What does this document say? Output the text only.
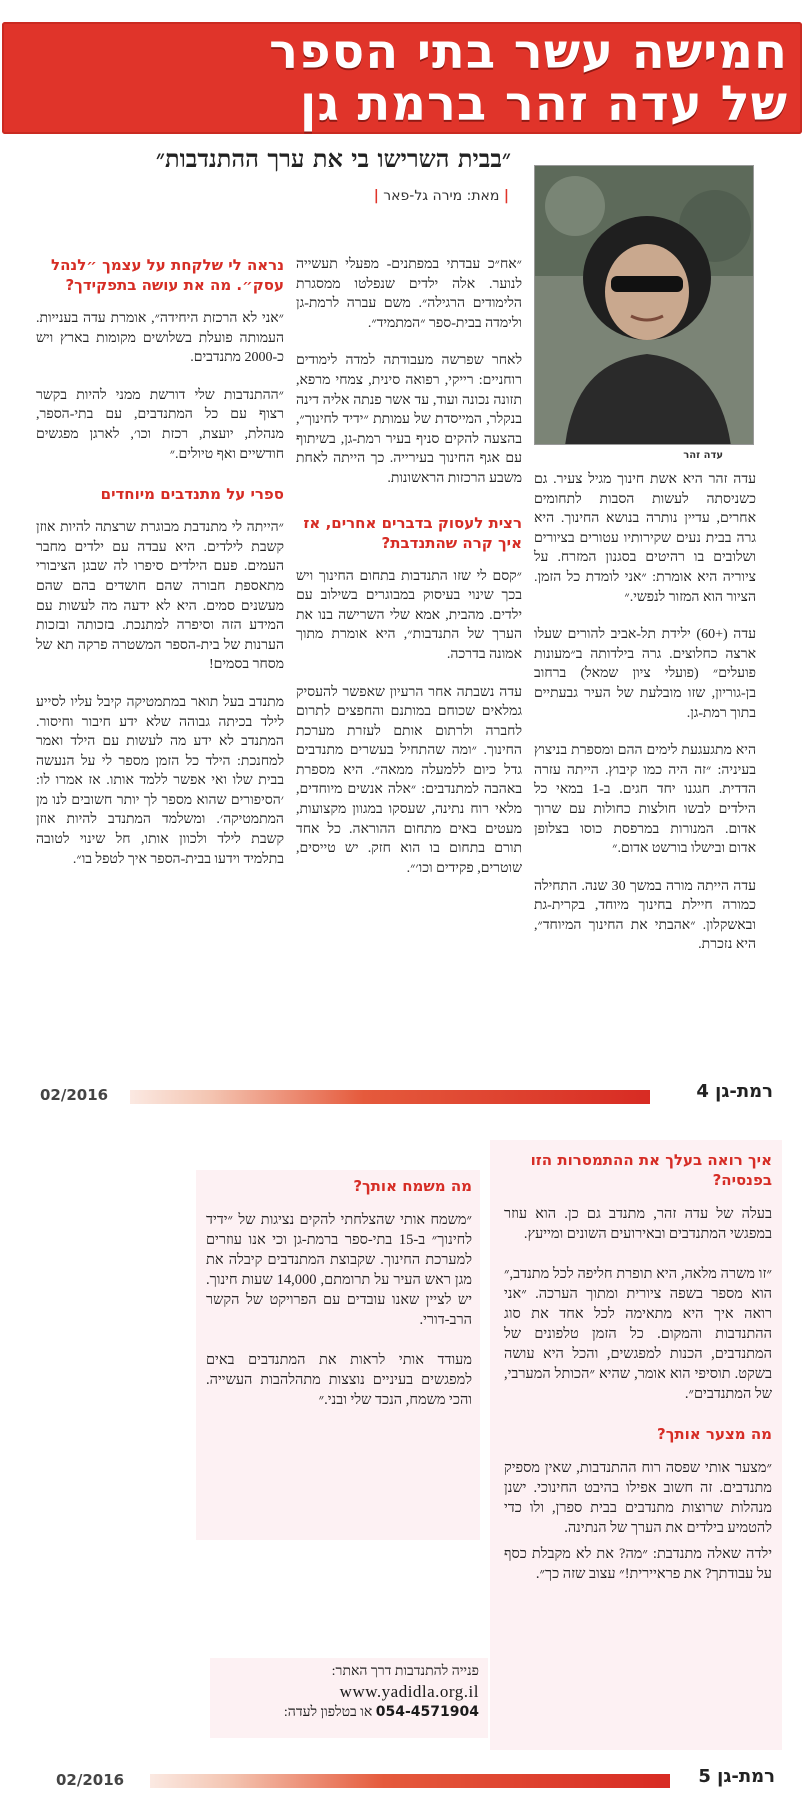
חמישה עשר בתי הספר
של עדה זהר ברמת גן
״בבית השרישו בי את ערך ההתנדבות״
| מאת: מירה גל-פאר |
עדה זהר

עדה זהר היא אשת חינוך מגיל צעיר. גם כשניסתה לעשות הסבות לתחומים אחרים, עדיין נותרה בנושא החינוך. היא גרה בבית נעים שקירותיו עטורים בציורים ושלובים בו רהיטים בסגנון המזרח. על ציוריה היא אומרת: ״אני לומדת כל הזמן. הציור הוא המזור לנפשי.״

עדה (+60) ילידת תל-אביב להורים שעלו ארצה כחלוצים. גרה בילדותה ב״מעונות פועלים״ (פועלי ציון שמאל) ברחוב בן-גוריון, שזו מובלעת של העיר גבעתיים בתוך רמת-גן.

היא מתגעגעת לימים ההם ומספרת בניצוץ בעיניה: ״זה היה כמו קיבוץ. הייתה עזרה הדדית. חגגנו יחד חגים. ב-1 במאי כל הילדים לבשו חולצות כחולות עם שרוך אדום. המנורות במרפסת כוסו בצלופן אדום ובישלו בורשט אדום.״

עדה הייתה מורה במשך 30 שנה. התחילה כמורה חיילת בחינוך מיוחד, בקרית-גת ובאשקלון. ״אהבתי את החינוך המיוחד״, היא נזכרת.

״אח״כ עבדתי במפתנים- מפעלי תעשייה לנוער. אלה ילדים שנפלטו ממסגרת הלימודים הרגילה״. משם עברה לרמת-גן ולימדה בבית-ספר ״המתמיד״.

לאחר שפרשה מעבודתה למדה לימודים רוחניים: רייקי, רפואה סינית, צמחי מרפא, תזונה נכונה ועוד, עד אשר פנתה אליה דינה בנקלר, המייסדת של עמותת ״ידיד לחינוך״, בהצעה להקים סניף בעיר רמת-גן, בשיתוף עם אגף החינוך בעירייה. כך הייתה לאחת משבע הרכזות הראשונות.

רצית לעסוק בדברים אחרים, אז איך קרה שהתנדבת?

״קסם לי שזו התנדבות בתחום החינוך ויש בכך שינוי בעיסוק במבוגרים בשילוב עם ילדים. מהבית, אמא שלי השרישה בנו את הערך של התנדבות״, היא אומרת מתוך אמונה בדרכה.

עדה נשבתה אחר הרעיון שאפשר להעסיק גמלאים שכוחם במותנם והחפצים לתרום לחברה ולרתום אותם לעזרת מערכת החינוך. ״ומה שהתחיל בעשרים מתנדבים גדל כיום ללמעלה ממאה״. היא מספרת באהבה למתנדבים: ״אלה אנשים מיוחדים, מלאי רוח נתינה, שעסקו במגוון מקצועות, מעטים באים מתחום ההוראה. כל אחד תורם בתחום בו הוא חזק. יש טייסים, שוטרים, פקידים וכו׳״.

נראה לי שלקחת על עצמך ״לנהל עסק״. מה את עושה בתפקידך?

״אני לא הרכזת היחידה״, אומרת עדה בענייות. העמותה פועלת בשלושים מקומות בארץ ויש כ-2000 מתנדבים.

״ההתנדבות שלי דורשת ממני להיות בקשר רצוף עם כל המתנדבים, עם בתי-הספר, מנהלת, יועצת, רכזת וכו׳, לארגן מפגשים חודשיים ואף טיולים.״

ספרי על מתנדבים מיוחדים

״הייתה לי מתנדבת מבוגרת שרצתה להיות אוזן קשבת לילדים. היא עבדה עם ילדים מחבר העמים. פעם הילדים סיפרו לה שבגן הציבורי מתאספת חבורה שהם חושדים בהם שהם מעשנים סמים. היא לא ידעה מה לעשות עם המידע הזה וסיפרה למתנכת. בזכותה ובזכות הערנות של בית-הספר המשטרה פרקה תא של מסחר בסמים!

מתנדב בעל תואר במתמטיקה קיבל עליו לסייע לילד בכיתה גבוהה שלא ידע חיבור וחיסור. המתנדב לא ידע מה לעשות עם הילד ואמר למחנכת: הילד כל הזמן מספר לי על הנעשה בבית שלו ואי אפשר ללמד אותו. אז אמרו לו: ׳הסיפורים שהוא מספר לך יותר חשובים לנו מן המתמטיקה׳. ומשלמד המתנדב להיות אוזן קשבת לילד ולכוון אותו, חל שינוי לטובה בתלמיד וידעו בבית-הספר איך לטפל בו״.

רמת-גן 4
02/2016
איך רואה בעלך את ההתמסרות הזו בפנסיה?

בעלה של עדה זהר, מתנדב גם כן. הוא עוזר במפגשי המתנדבים ובאירועים השונים ומייעץ.

״זו משרה מלאה, היא תופרת חליפה לכל מתנדב,״ הוא מספר בשפה ציורית ומתוך הערכה. ״אני רואה איך היא מתאימה לכל אחד את סוג ההתנדבות והמקום. כל הזמן טלפונים של המתנדבים, הכנות למפגשים, והכל היא עושה בשקט. תוסיפי הוא אומר, שהיא ״הכותל המערבי, של המתנדבים״.

מה מצער אותך?

״מצער אותי שפסה רוח ההתנדבות, שאין מספיק מתנדבים. זה חשוב אפילו בהיבט החינוכי. ישנן מנהלות שרוצות מתנדבים בבית ספרן, ולו כדי להטמיע בילדים את הערך של הנתינה.

ילדה שאלה מתנדבת: ״מה? את לא מקבלת כסף על עבודתך? את פראיירית!״ עצוב שזה כך״.

מה משמח אותך?

״משמח אותי שהצלחתי להקים נציגות של ״ידיד לחינוך״ ב-15 בתי-ספר ברמת-גן וכי אנו עוזרים למערכת החינוך. שקבוצת המתנדבים קיבלה את מגן ראש העיר על תרומתם, 14,000 שעות חינוך. יש לציין שאנו עובדים עם הפרויקט של הקשר הרב-דורי.

מעודד אותי לראות את המתנדבים באים למפגשים בעיניים נוצצות מתהלהבות העשייה. והכי משמח, הנכד שלי ובני.״

פנייה להתנדבות דרך האתר:
www.yadidla.org.il
054-4571904 או בטלפון לעדה:
רמת-גן 5
02/2016
